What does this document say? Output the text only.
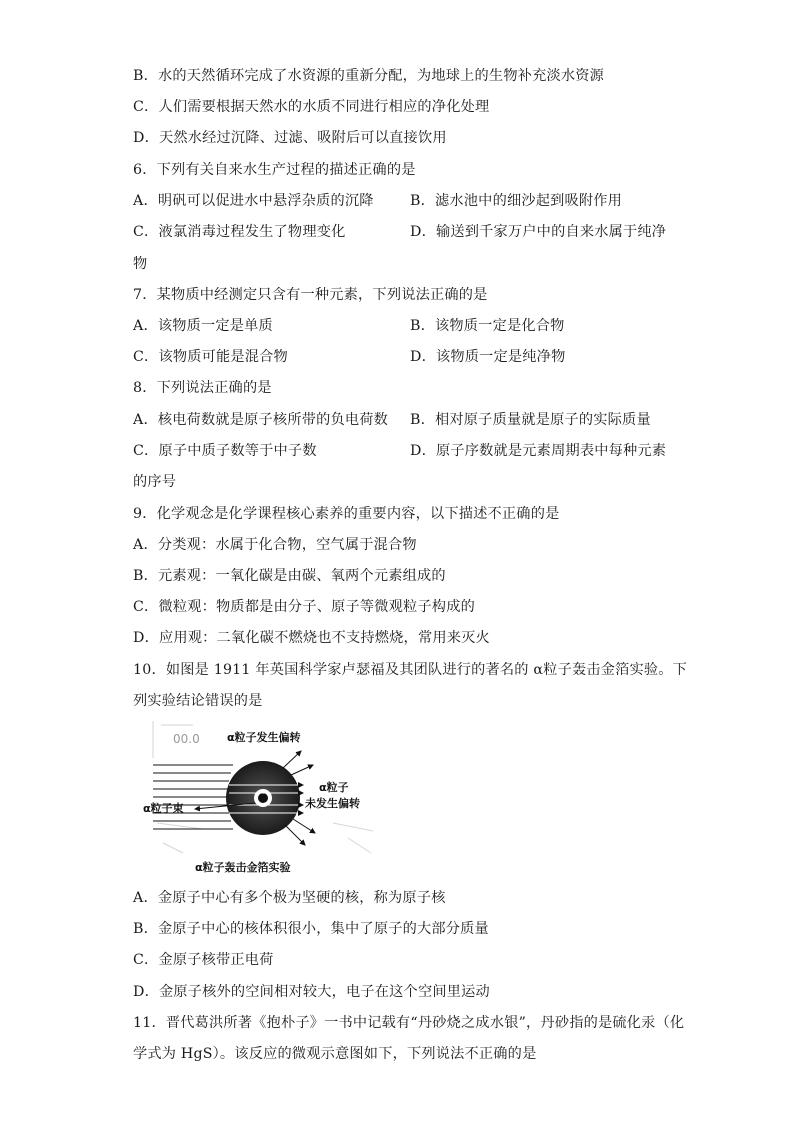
B．水的天然循环完成了水资源的重新分配，为地球上的生物补充淡水资源
C．人们需要根据天然水的水质不同进行相应的净化处理
D．天然水经过沉降、过滤、吸附后可以直接饮用
6．下列有关自来水生产过程的描述正确的是
A．明矾可以促进水中悬浮杂质的沉降	B．滤水池中的细沙起到吸附作用
C．液氯消毒过程发生了物理变化	D．输送到千家万户中的自来水属于纯净
物
7．某物质中经测定只含有一种元素，下列说法正确的是
A．该物质一定是单质	B．该物质一定是化合物
C．该物质可能是混合物	D．该物质一定是纯净物
8．下列说法正确的是
A．核电荷数就是原子核所带的负电荷数 B．相对原子质量就是原子的实际质量
C．原子中质子数等于中子数	D．原子序数就是元素周期表中每种元素
的序号
9．化学观念是化学课程核心素养的重要内容，以下描述不正确的是
A．分类观：水属于化合物，空气属于混合物
B．元素观：一氧化碳是由碳、氧两个元素组成的
C．微粒观：物质都是由分子、原子等微观粒子构成的
D．应用观：二氧化碳不燃烧也不支持燃烧，常用来灭火
10．如图是 1911 年英国科学家卢瑟福及其团队进行的著名的 α粒子轰击金箔实验。下
列实验结论错误的是
00.0 α粒子发生偏转
α粒子束
α粒子
未发生偏转
α粒子轰击金箔实验
A．金原子中心有多个极为坚硬的核，称为原子核
B．金原子中心的核体积很小，集中了原子的大部分质量
C．金原子核带正电荷
D．金原子核外的空间相对较大，电子在这个空间里运动
11．晋代葛洪所著《抱朴子》一书中记载有“丹砂烧之成水银”，丹砂指的是硫化汞（化
学式为 HgS）。该反应的微观示意图如下，下列说法不正确的是
